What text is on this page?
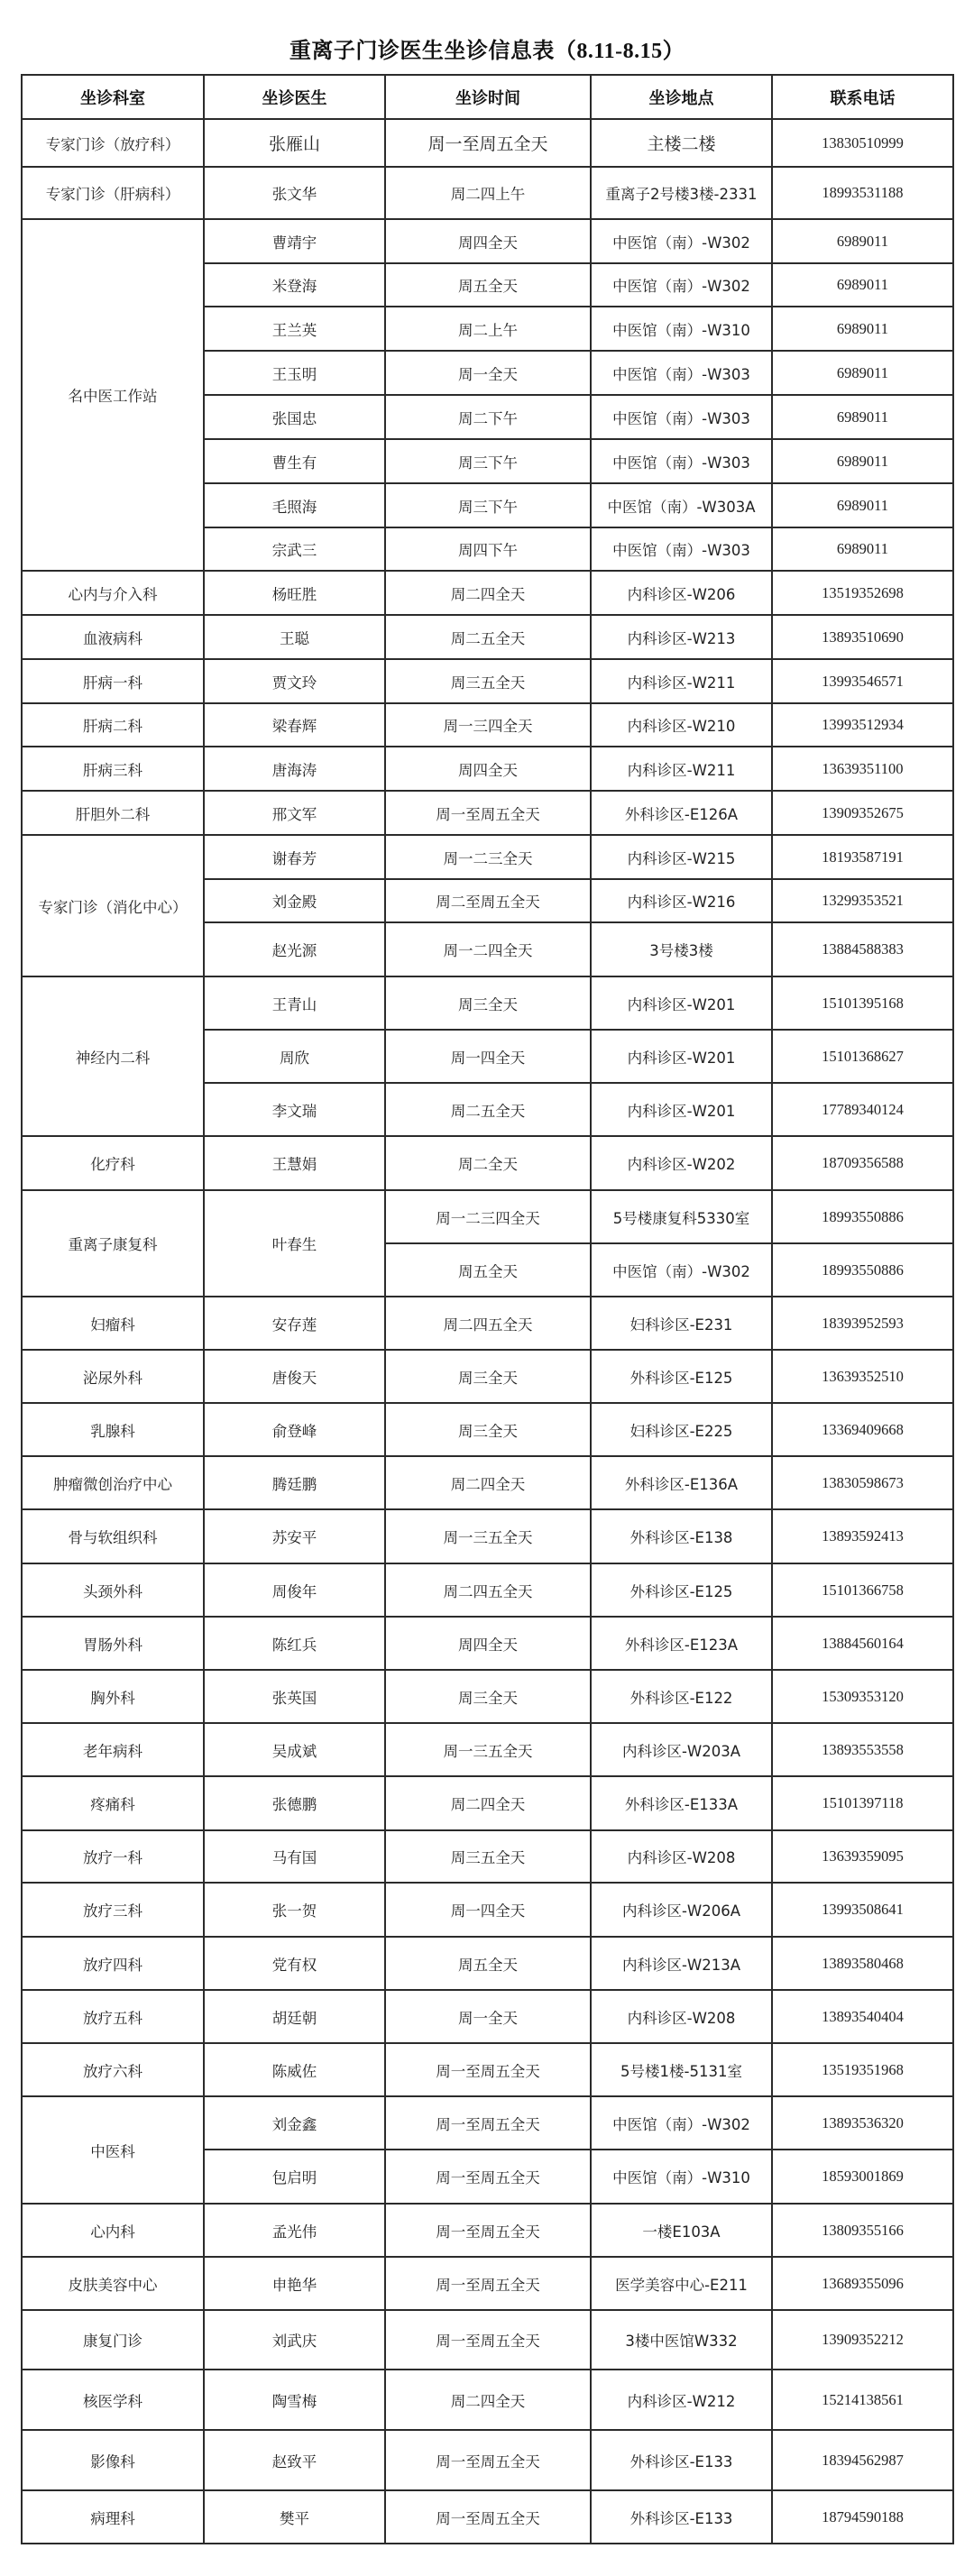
重离子门诊医生坐诊信息表（8.11-8.15）
坐诊科室	坐诊医生	坐诊时间	坐诊地点	联系电话
专家门诊（放疗科）	张雁山	周一至周五全天	主楼二楼	13830510999
专家门诊（肝病科）	张文华	周二四上午	重离子2号楼3楼-2331	18993531188
名中医工作站	曹靖宇	周四全天	中医馆（南）-W302	6989011
	米登海	周五全天	中医馆（南）-W302	6989011
	王兰英	周二上午	中医馆（南）-W310	6989011
	王玉明	周一全天	中医馆（南）-W303	6989011
	张国忠	周二下午	中医馆（南）-W303	6989011
	曹生有	周三下午	中医馆（南）-W303	6989011
	毛照海	周三下午	中医馆（南）-W303A	6989011
	宗武三	周四下午	中医馆（南）-W303	6989011
心内与介入科	杨旺胜	周二四全天	内科诊区-W206	13519352698
血液病科	王聪	周二五全天	内科诊区-W213	13893510690
肝病一科	贾文玲	周三五全天	内科诊区-W211	13993546571
肝病二科	梁春辉	周一三四全天	内科诊区-W210	13993512934
肝病三科	唐海涛	周四全天	内科诊区-W211	13639351100
肝胆外二科	邢文军	周一至周五全天	外科诊区-E126A	13909352675
专家门诊（消化中心）	谢春芳	周一二三全天	内科诊区-W215	18193587191
	刘金殿	周二至周五全天	内科诊区-W216	13299353521
	赵光源	周一二四全天	3号楼3楼	13884588383
神经内二科	王青山	周三全天	内科诊区-W201	15101395168
	周欣	周一四全天	内科诊区-W201	15101368627
	李文瑞	周二五全天	内科诊区-W201	17789340124
化疗科	王慧娟	周二全天	内科诊区-W202	18709356588
重离子康复科	叶春生	周一二三四全天	5号楼康复科5330室	18993550886
		周五全天	中医馆（南）-W302	18993550886
妇瘤科	安存莲	周二四五全天	妇科诊区-E231	18393952593
泌尿外科	唐俊天	周三全天	外科诊区-E125	13639352510
乳腺科	俞登峰	周三全天	妇科诊区-E225	13369409668
肿瘤微创治疗中心	腾廷鹏	周二四全天	外科诊区-E136A	13830598673
骨与软组织科	苏安平	周一三五全天	外科诊区-E138	13893592413
头颈外科	周俊年	周二四五全天	外科诊区-E125	15101366758
胃肠外科	陈红兵	周四全天	外科诊区-E123A	13884560164
胸外科	张英国	周三全天	外科诊区-E122	15309353120
老年病科	吴成斌	周一三五全天	内科诊区-W203A	13893553558
疼痛科	张德鹏	周二四全天	外科诊区-E133A	15101397118
放疗一科	马有国	周三五全天	内科诊区-W208	13639359095
放疗三科	张一贺	周一四全天	内科诊区-W206A	13993508641
放疗四科	党有权	周五全天	内科诊区-W213A	13893580468
放疗五科	胡廷朝	周一全天	内科诊区-W208	13893540404
放疗六科	陈威佐	周一至周五全天	5号楼1楼-5131室	13519351968
中医科	刘金鑫	周一至周五全天	中医馆（南）-W302	13893536320
	包启明	周一至周五全天	中医馆（南）-W310	18593001869
心内科	孟光伟	周一至周五全天	一楼E103A	13809355166
皮肤美容中心	申艳华	周一至周五全天	医学美容中心-E211	13689355096
康复门诊	刘武庆	周一至周五全天	3楼中医馆W332	13909352212
核医学科	陶雪梅	周二四全天	内科诊区-W212	15214138561
影像科	赵致平	周一至周五全天	外科诊区-E133	18394562987
病理科	樊平	周一至周五全天	外科诊区-E133	18794590188
